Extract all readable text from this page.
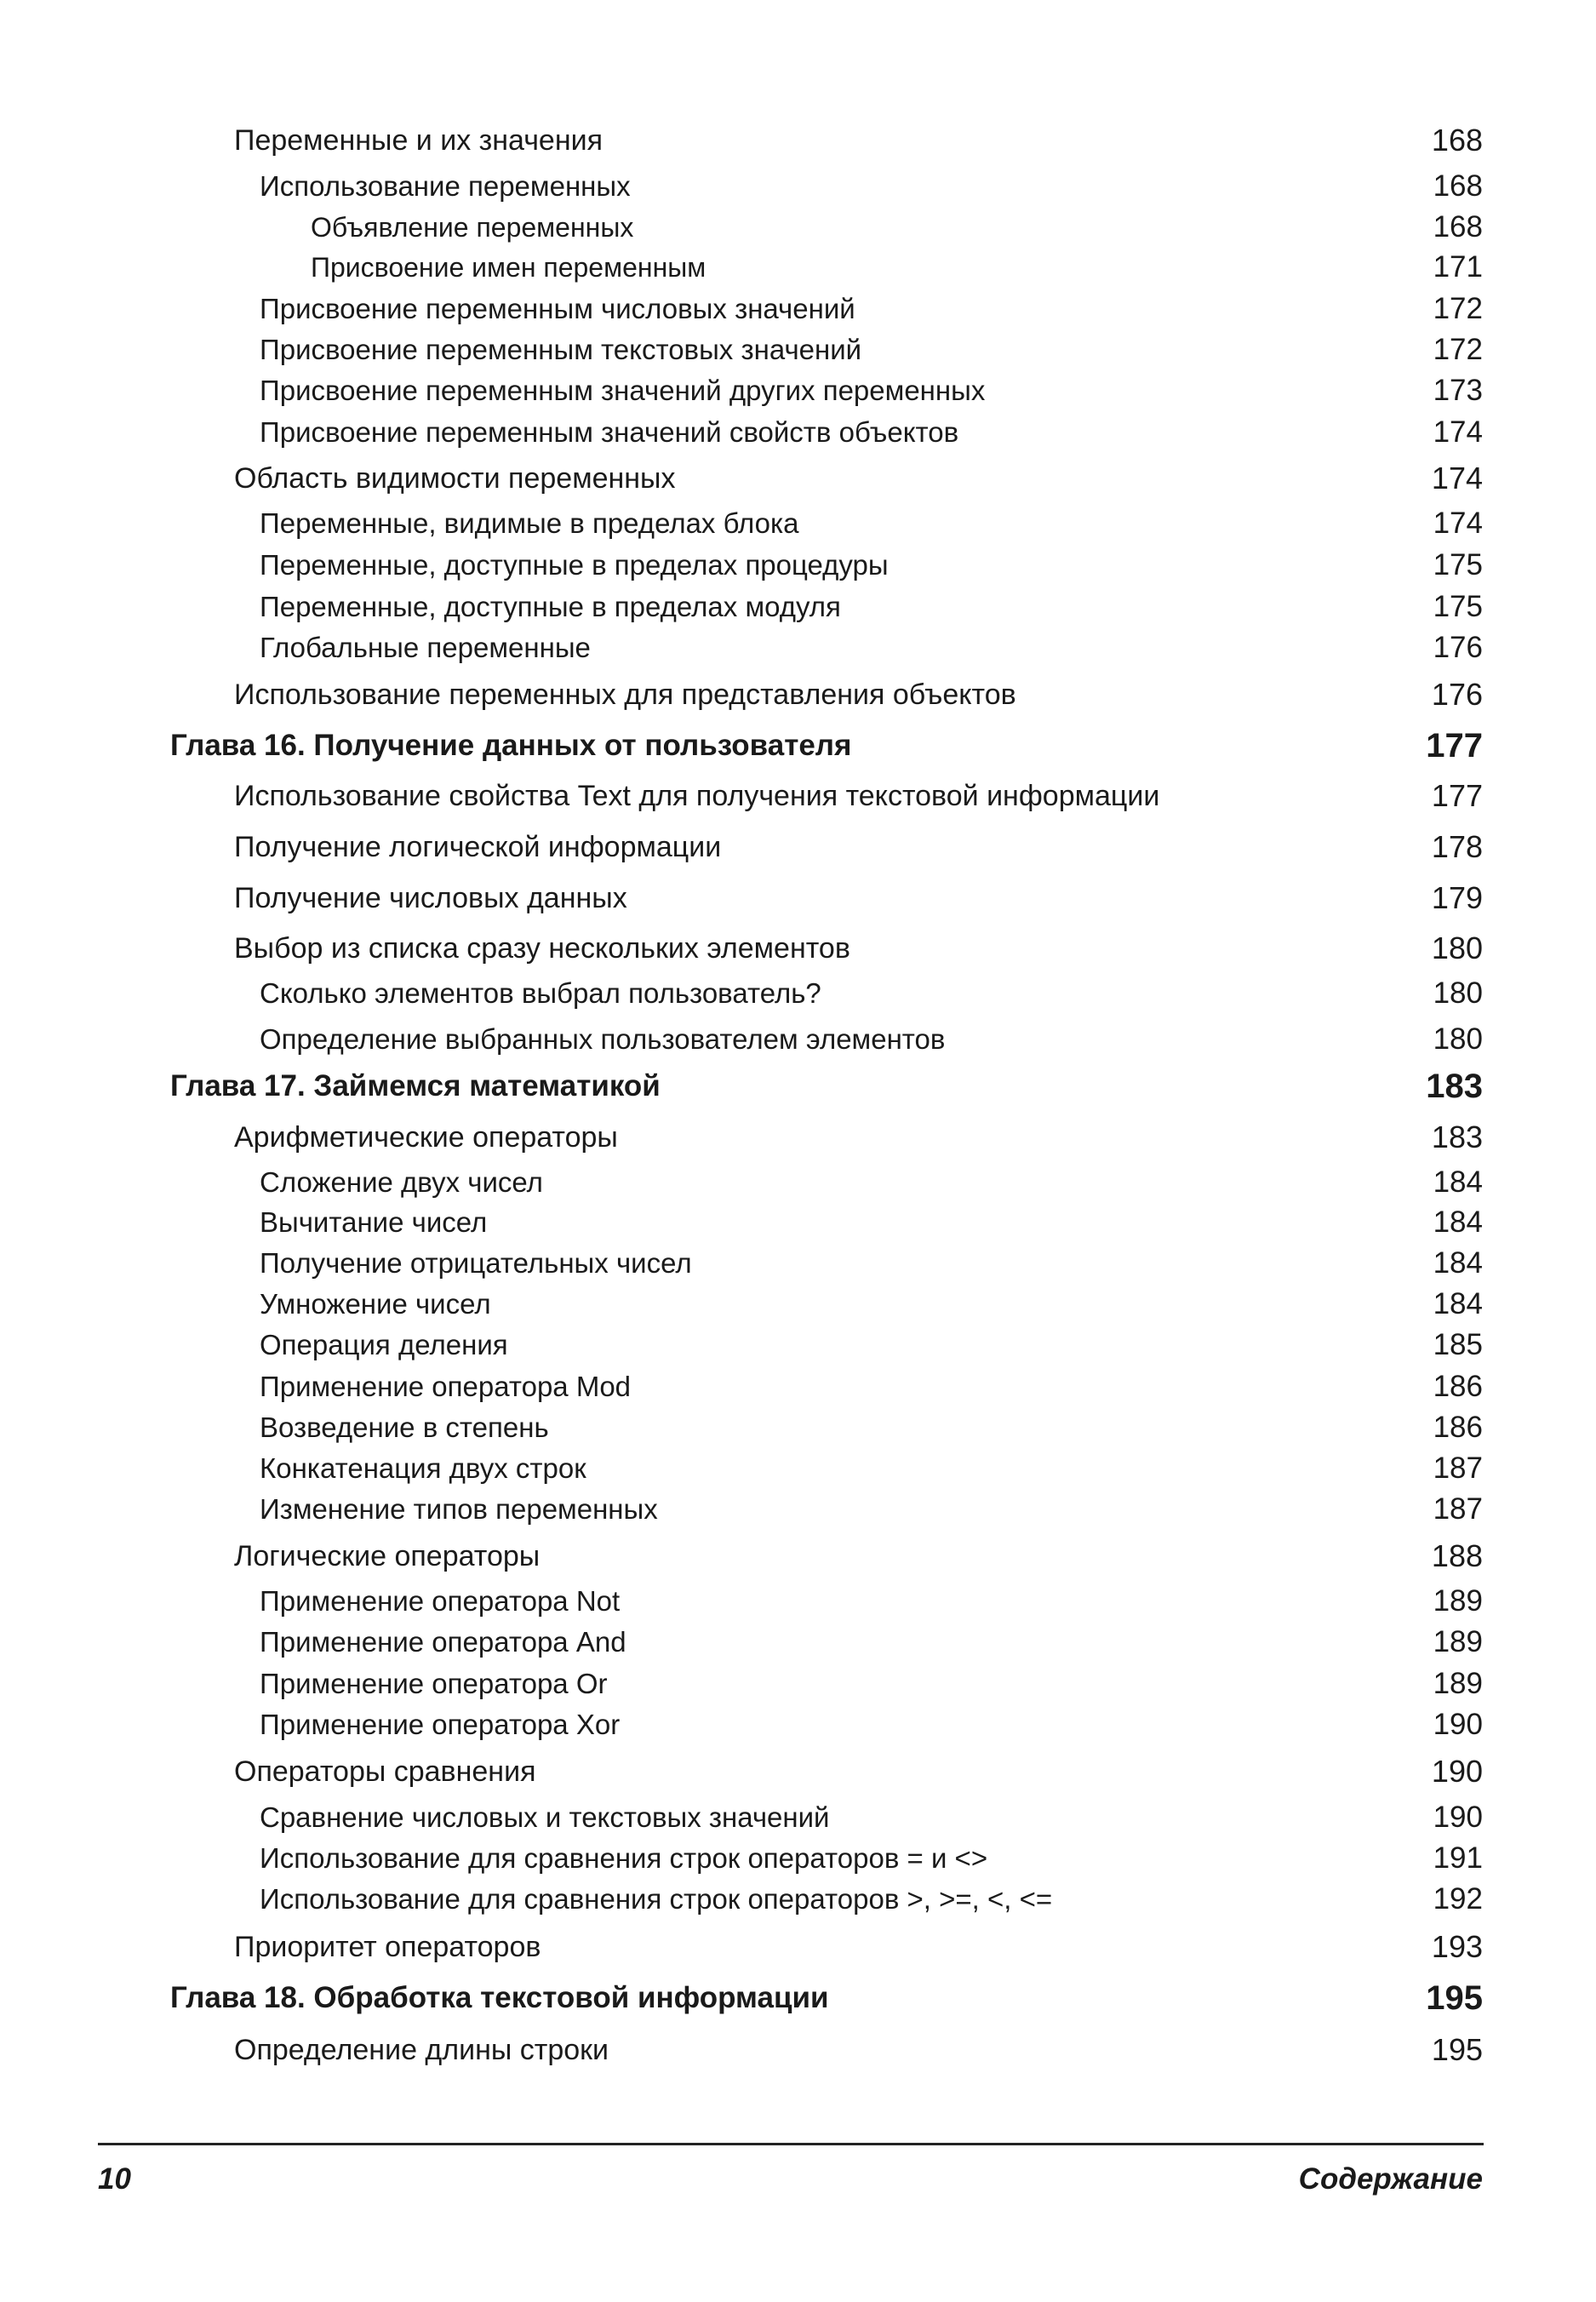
Переменные и их значения	168
Использование переменных	168
Объявление переменных	168
Присвоение имен переменным	171
Присвоение переменным числовых значений	172
Присвоение переменным текстовых значений	172
Присвоение переменным значений других переменных	173
Присвоение переменным значений свойств объектов	174
Область видимости переменных	174
Переменные, видимые в пределах блока	174
Переменные, доступные в пределах процедуры	175
Переменные, доступные в пределах модуля	175
Глобальные переменные	176
Использование переменных для представления объектов	176
Глава 16. Получение данных от пользователя	177
Использование свойства Text для получения текстовой информации	177
Получение логической информации	178
Получение числовых данных	179
Выбор из списка сразу нескольких элементов	180
Сколько элементов выбрал пользователь?	180
Определение выбранных пользователем элементов	180
Глава 17. Займемся математикой	183
Арифметические операторы	183
Сложение двух чисел	184
Вычитание чисел	184
Получение отрицательных чисел	184
Умножение чисел	184
Операция деления	185
Применение оператора Mod	186
Возведение в степень	186
Конкатенация двух строк	187
Изменение типов переменных	187
Логические операторы	188
Применение оператора Not	189
Применение оператора And	189
Применение оператора Or	189
Применение оператора Xor	190
Операторы сравнения	190
Сравнение числовых и текстовых значений	190
Использование для сравнения строк операторов = и <>	191
Использование для сравнения строк операторов >, >=, <, <=	192
Приоритет операторов	193
Глава 18. Обработка текстовой информации	195
Определение длины строки	195
10	Содержание
